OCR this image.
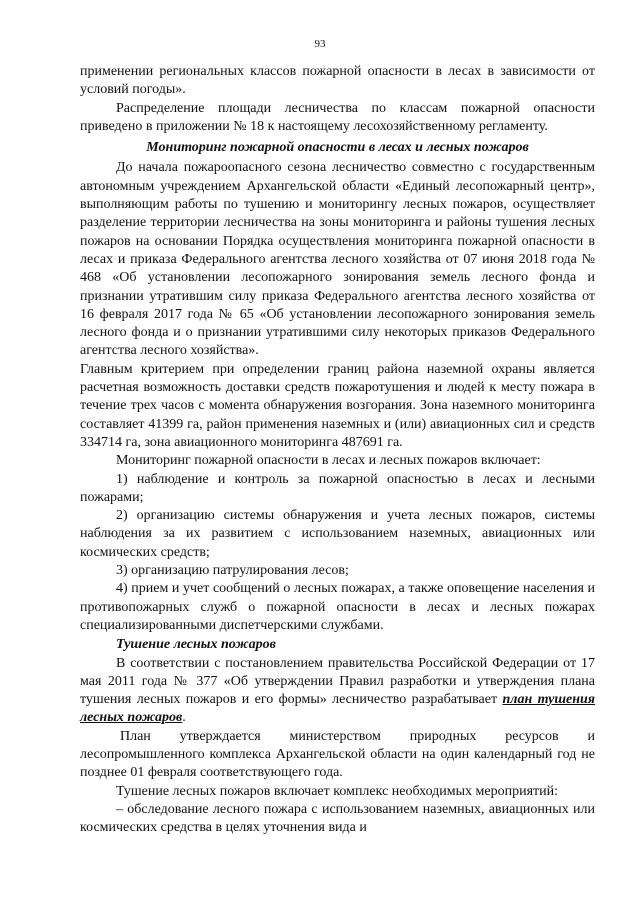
93

применении региональных классов пожарной опасности в лесах в зависимости от условий погоды».

Распределение площади лесничества по классам пожарной опасности приведено в приложении № 18 к настоящему лесохозяйственному регламенту.

Мониторинг пожарной опасности в лесах и лесных пожаров

До начала пожароопасного сезона лесничество совместно с государственным автономным учреждением Архангельской области «Единый лесопожарный центр», выполняющим работы по тушению и мониторингу лесных пожаров, осуществляет разделение территории лесничества на зоны мониторинга и районы тушения лесных пожаров на основании Порядка осуществления мониторинга пожарной опасности в лесах и приказа Федерального агентства лесного хозяйства от 07 июня 2018 года № 468 «Об установлении лесопожарного зонирования земель лесного фонда и признании утратившим силу приказа Федерального агентства лесного хозяйства от 16 февраля 2017 года № 65 «Об установлении лесопожарного зонирования земель лесного фонда и о признании утратившими силу некоторых приказов Федерального агентства лесного хозяйства».

Главным критерием при определении границ района наземной охраны является расчетная возможность доставки средств пожаротушения и людей к месту пожара в течение трех часов с момента обнаружения возгорания. Зона наземного мониторинга составляет 41399 га, район применения наземных и (или) авиационных сил и средств 334714 га, зона авиационного мониторинга 487691 га.

Мониторинг пожарной опасности в лесах и лесных пожаров включает:

1) наблюдение и контроль за пожарной опасностью в лесах и лесными пожарами;

2) организацию системы обнаружения и учета лесных пожаров, системы наблюдения за их развитием с использованием наземных, авиационных или космических средств;

3) организацию патрулирования лесов;

4) прием и учет сообщений о лесных пожарах, а также оповещение населения и противопожарных служб о пожарной опасности в лесах и лесных пожарах специализированными диспетчерскими службами.

Тушение лесных пожаров

В соответствии с постановлением правительства Российской Федерации от 17 мая 2011 года № 377 «Об утверждении Правил разработки и утверждения плана тушения лесных пожаров и его формы» лесничество разрабатывает план тушения лесных пожаров.

План утверждается министерством природных ресурсов и лесопромышленного комплекса Архангельской области на один календарный год не позднее 01 февраля соответствующего года.

Тушение лесных пожаров включает комплекс необходимых мероприятий:

– обследование лесного пожара с использованием наземных, авиационных или космических средства в целях уточнения вида и
